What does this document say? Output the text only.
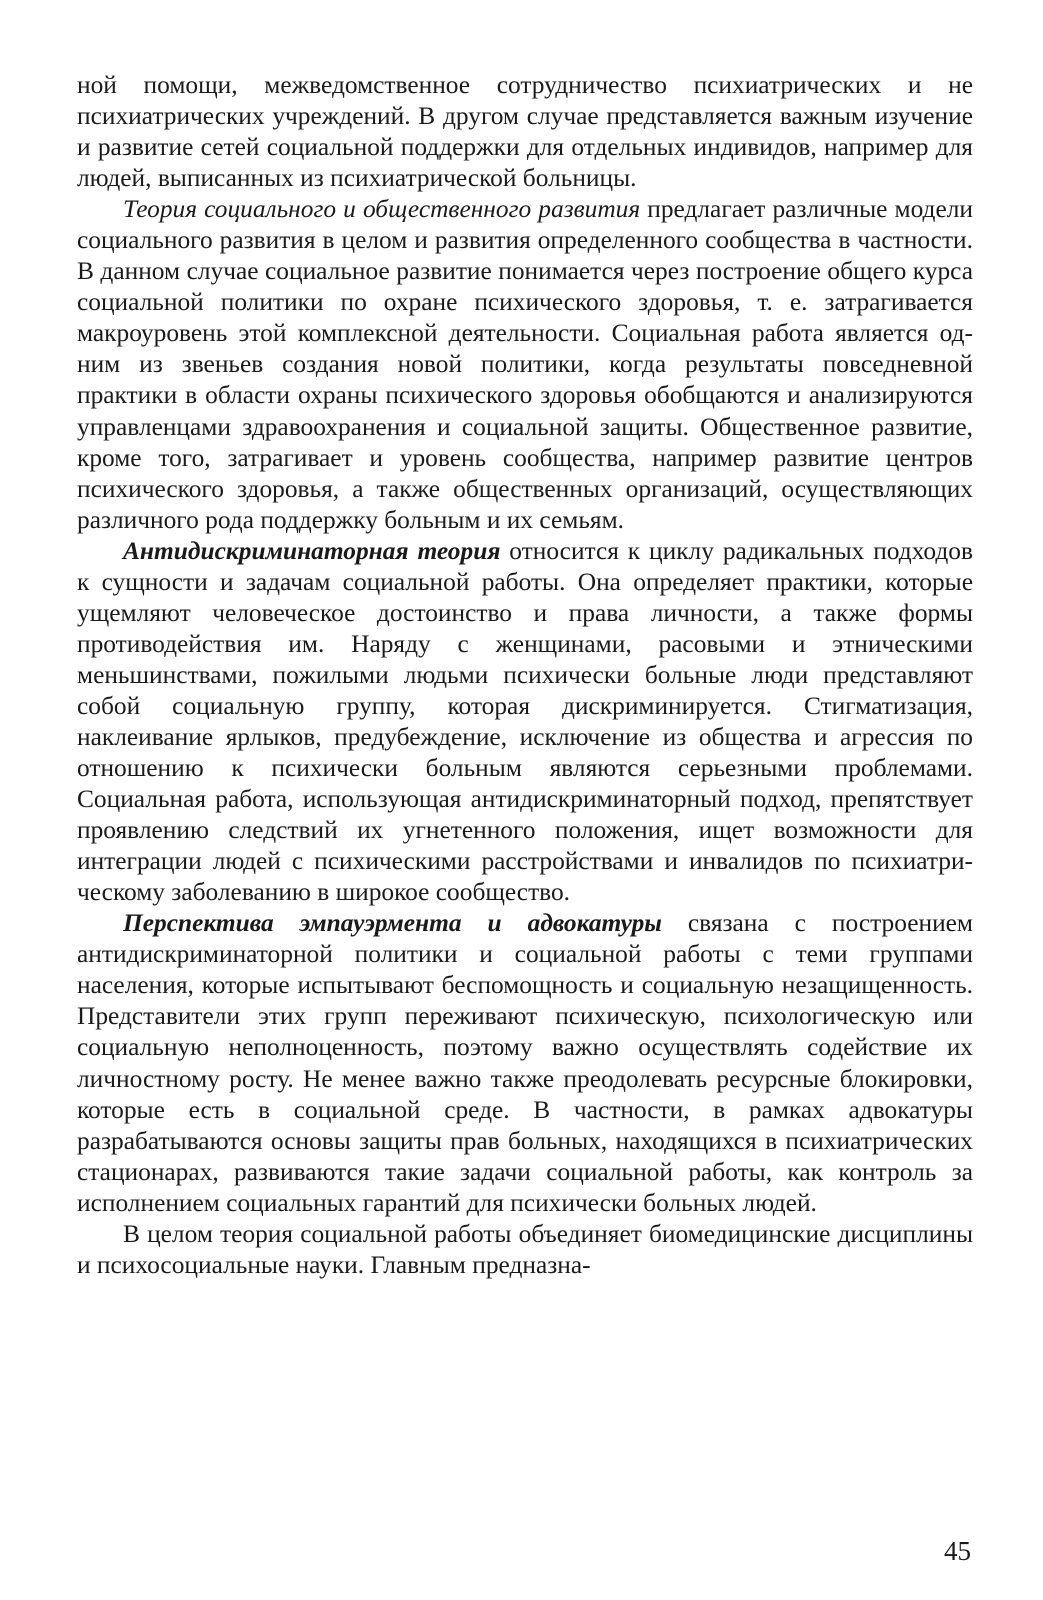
ной помощи, межведомственное сотрудничество психиатрических и не психиатрических учреждений. В другом случае представляется важным изучение и развитие сетей социальной поддержки для отдельных индивидов, например для людей, выписанных из психиатрической больницы.

Теория социального и общественного развития предлагает различные модели социального развития в целом и развития определенного сообщества в частности. В данном случае социальное развитие понимается через построение общего курса социальной политики по охране психического здоровья, т. е. затрагивается макроуровень этой комплексной деятельности. Социальная работа является одним из звеньев создания новой политики, когда результаты повседневной практики в области охраны психического здоровья обобщаются и анализируются управленцами здравоохранения и социальной защиты. Общественное развитие, кроме того, затрагивает и уровень сообщества, например развитие центров психического здоровья, а также общественных организаций, осуществляющих различного рода поддержку больным и их семьям.

Антидискриминаторная теория относится к циклу радикальных подходов к сущности и задачам социальной работы. Она определяет практики, которые ущемляют человеческое достоинство и права личности, а также формы противодействия им. Наряду с женщинами, расовыми и этническими меньшинствами, пожилыми людьми психически больные люди представляют собой социальную группу, которая дискриминируется. Стигматизация, наклеивание ярлыков, предубеждение, исключение из общества и агрессия по отношению к психически больным являются серьезными проблемами. Социальная работа, использующая антидискриминаторный подход, препятствует проявлению следствий их угнетенного положения, ищет возможности для интеграции людей с психическими расстройствами и инвалидов по психиатрическому заболеванию в широкое сообщество.

Перспектива эмпауэрмента и адвокатуры связана с построением антидискриминаторной политики и социальной работы с теми группами населения, которые испытывают беспомощность и социальную незащищенность. Представители этих групп переживают психическую, психологическую или социальную неполноценность, поэтому важно осуществлять содействие их личностному росту. Не менее важно также преодолевать ресурсные блокировки, которые есть в социальной среде. В частности, в рамках адвокатуры разрабатываются основы защиты прав больных, находящихся в психиатрических стационарах, развиваются такие задачи социальной работы, как контроль за исполнением социальных гарантий для психически больных людей.

В целом теория социальной работы объединяет биомедицинские дисциплины и психосоциальные науки. Главным предназна-

45
